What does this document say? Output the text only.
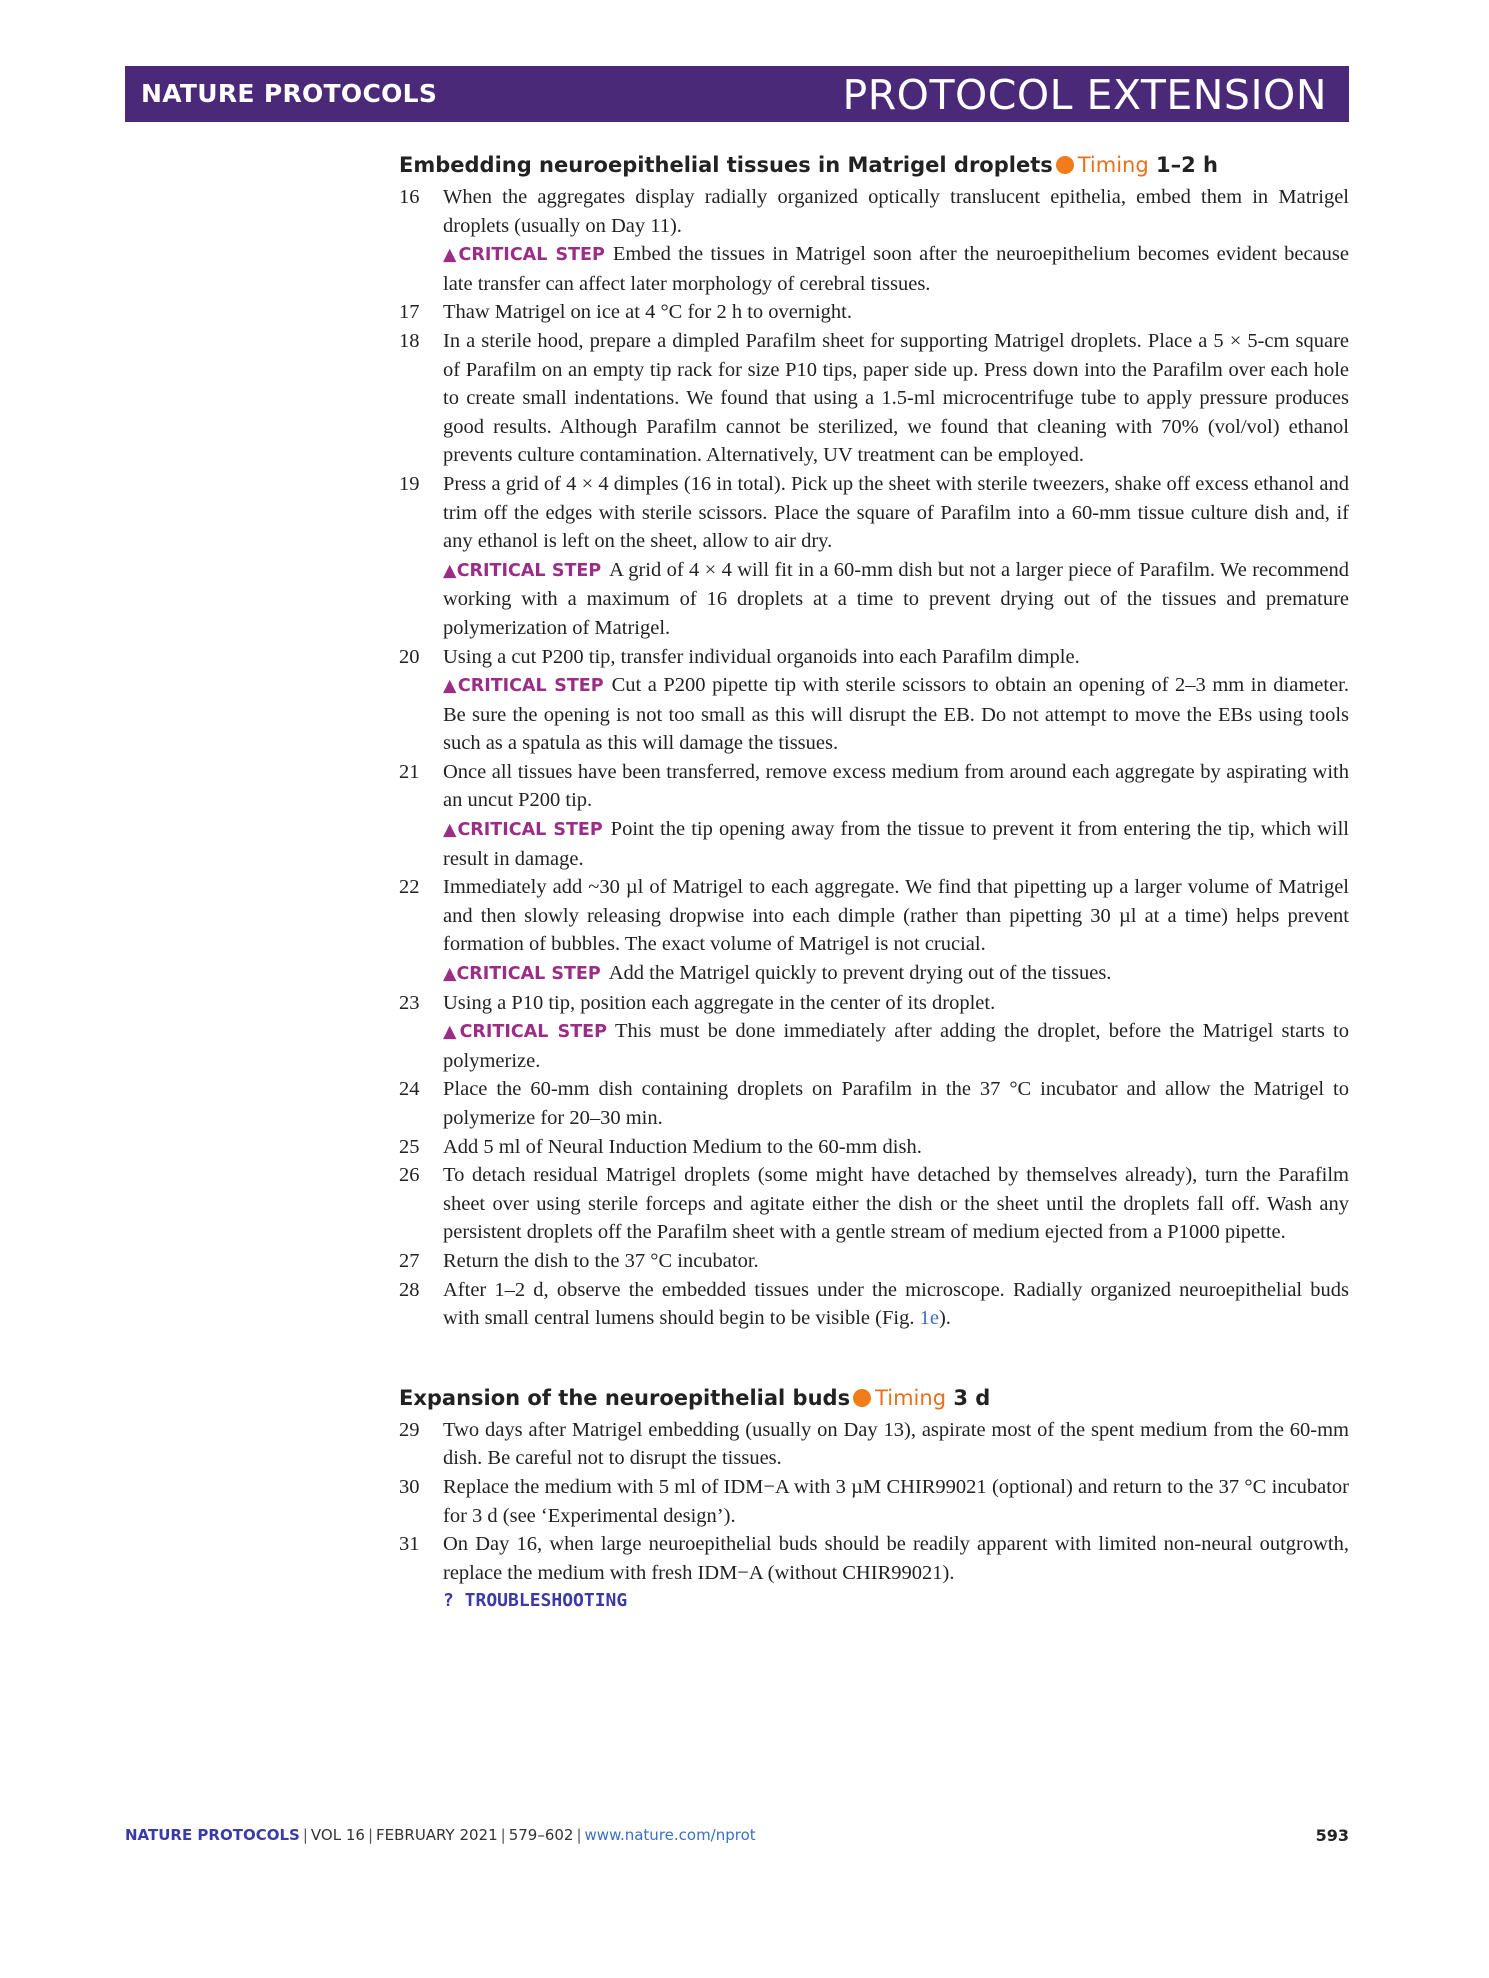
NATURE PROTOCOLS	PROTOCOL EXTENSION
Embedding neuroepithelial tissues in Matrigel droplets Timing 1–2 h
16 When the aggregates display radially organized optically translucent epithelia, embed them in Matrigel droplets (usually on Day 11).

▲CRITICAL STEP Embed the tissues in Matrigel soon after the neuroepithelium becomes evident because late transfer can affect later morphology of cerebral tissues.

17 Thaw Matrigel on ice at 4 °C for 2 h to overnight.

18 In a sterile hood, prepare a dimpled Parafilm sheet for supporting Matrigel droplets. Place a 5 × 5-cm square of Parafilm on an empty tip rack for size P10 tips, paper side up. Press down into the Parafilm over each hole to create small indentations. We found that using a 1.5-ml microcentrifuge tube to apply pressure produces good results. Although Parafilm cannot be sterilized, we found that cleaning with 70% (vol/vol) ethanol prevents culture contamination. Alternatively, UV treatment can be employed.

19 Press a grid of 4 × 4 dimples (16 in total). Pick up the sheet with sterile tweezers, shake off excess ethanol and trim off the edges with sterile scissors. Place the square of Parafilm into a 60-mm tissue culture dish and, if any ethanol is left on the sheet, allow to air dry.

▲CRITICAL STEP A grid of 4 × 4 will fit in a 60-mm dish but not a larger piece of Parafilm. We recommend working with a maximum of 16 droplets at a time to prevent drying out of the tissues and premature polymerization of Matrigel.

20 Using a cut P200 tip, transfer individual organoids into each Parafilm dimple.

▲CRITICAL STEP Cut a P200 pipette tip with sterile scissors to obtain an opening of 2–3 mm in diameter. Be sure the opening is not too small as this will disrupt the EB. Do not attempt to move the EBs using tools such as a spatula as this will damage the tissues.

21 Once all tissues have been transferred, remove excess medium from around each aggregate by aspirating with an uncut P200 tip.

▲CRITICAL STEP Point the tip opening away from the tissue to prevent it from entering the tip, which will result in damage.

22 Immediately add ~30 µl of Matrigel to each aggregate. We find that pipetting up a larger volume of Matrigel and then slowly releasing dropwise into each dimple (rather than pipetting 30 µl at a time) helps prevent formation of bubbles. The exact volume of Matrigel is not crucial.

▲CRITICAL STEP Add the Matrigel quickly to prevent drying out of the tissues.

23 Using a P10 tip, position each aggregate in the center of its droplet.

▲CRITICAL STEP This must be done immediately after adding the droplet, before the Matrigel starts to polymerize.

24 Place the 60-mm dish containing droplets on Parafilm in the 37 °C incubator and allow the Matrigel to polymerize for 20–30 min.

25 Add 5 ml of Neural Induction Medium to the 60-mm dish.

26 To detach residual Matrigel droplets (some might have detached by themselves already), turn the Parafilm sheet over using sterile forceps and agitate either the dish or the sheet until the droplets fall off. Wash any persistent droplets off the Parafilm sheet with a gentle stream of medium ejected from a P1000 pipette.

27 Return the dish to the 37 °C incubator.

28 After 1–2 d, observe the embedded tissues under the microscope. Radially organized neuroepithelial buds with small central lumens should begin to be visible (Fig. 1e).

Expansion of the neuroepithelial buds Timing 3 d
29 Two days after Matrigel embedding (usually on Day 13), aspirate most of the spent medium from the 60-mm dish. Be careful not to disrupt the tissues.

30 Replace the medium with 5 ml of IDM−A with 3 µM CHIR99021 (optional) and return to the 37 °C incubator for 3 d (see ‘Experimental design’).

31 On Day 16, when large neuroepithelial buds should be readily apparent with limited non-neural outgrowth, replace the medium with fresh IDM−A (without CHIR99021).

? TROUBLESHOOTING
NATURE PROTOCOLS | VOL 16 | FEBRUARY 2021 | 579–602 | www.nature.com/nprot	593
